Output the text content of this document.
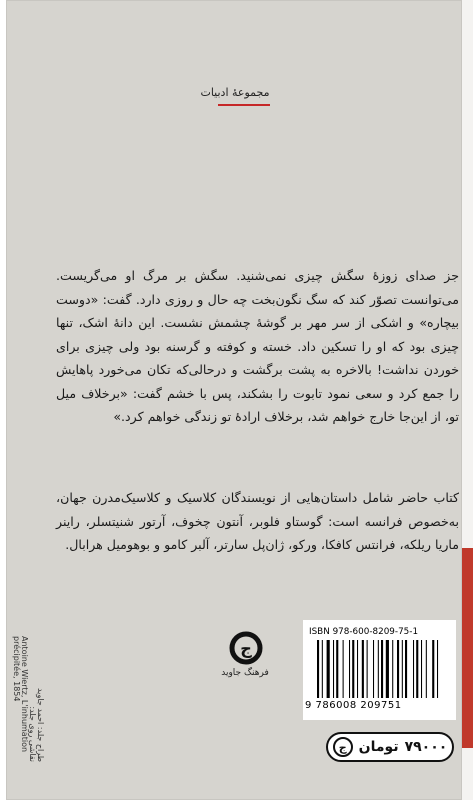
مجموعهٔ ادبیات
جز صدای زوزهٔ سگش چیزی نمی‌شنید. سگش بر مرگ او می‌گریست. می‌توانست تصوّر کند که سگ نگون‌بخت چه حال و روزی دارد. گفت: «دوست بیچاره» و اشکی از سر مهر بر گوشهٔ چشمش نشست. این دانهٔ اشک، تنها چیزی بود که او را تسکین داد. خسته و کوفته و گرسنه بود ولی چیزی برای خوردن نداشت! بالاخره به پشت برگشت و درحالی‌که تکان می‌خورد پاهایش را جمع کرد و سعی نمود تابوت را بشکند، پس با خشم گفت: «برخلاف میل تو، از این‌جا خارج خواهم شد، برخلاف ارادهٔ تو زندگی خواهم کرد.»
کتاب حاضر شامل داستان‌هایی از نویسندگان کلاسیک و کلاسیک‌مدرن جهان، به‌خصوص فرانسه است: گوستاو فلوبر، آنتون چخوف، آرتور شنیتسلر، راینر ماریا ریلکه، فرانتس کافکا، ورکو، ژان‌پل سارتر، آلبر کامو و بوهومیل هرابال.
طراح جلد: احمد جاوید
نقاشی روی جلد:
Antoine Wiertz, L'inhumation
précipitée, 1854	ج
فرهنگ جاوید
ISBN 978-600-8209-75-1
9 786008 209751
۷۹۰۰۰
تومان
ج
